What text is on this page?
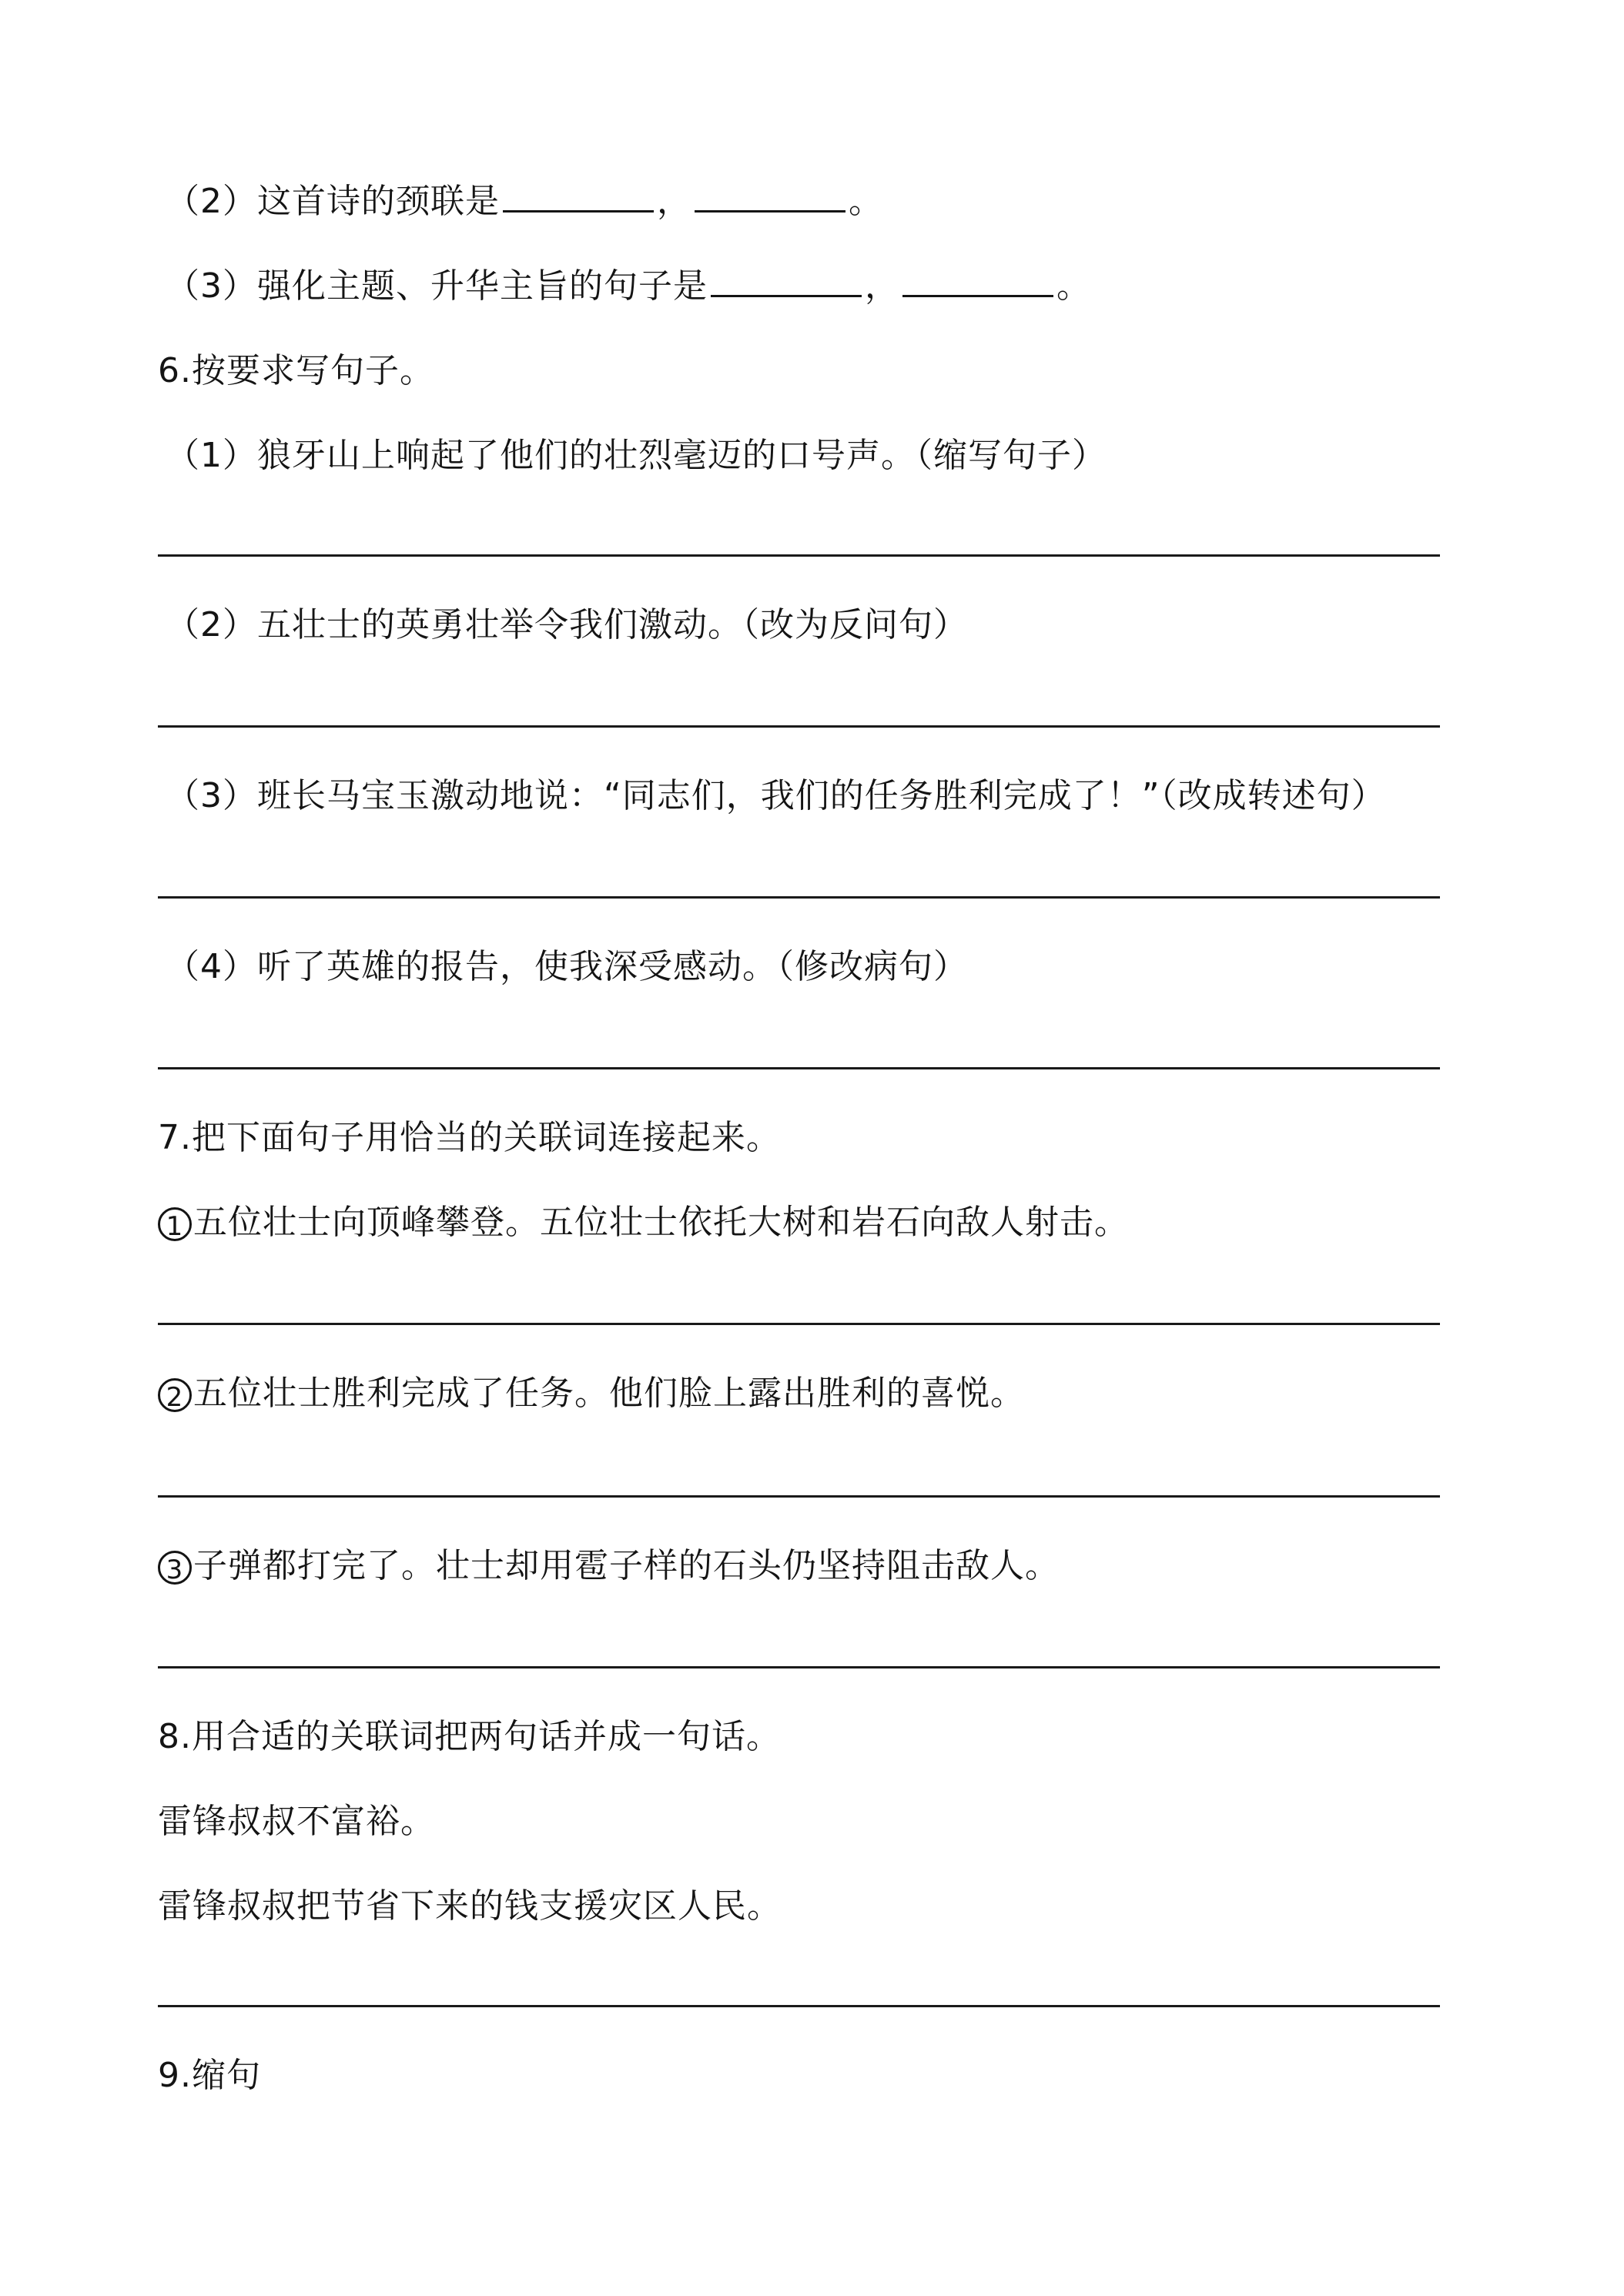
（2）这首诗的颈联是	，	。
（3）强化主题、升华主旨的句子是	，	。
6.按要求写句子。
（1）狼牙山上响起了他们的壮烈毫迈的口号声。（缩写句子）
（2）五壮士的英勇壮举令我们激动。（改为反问句）
（3）班长马宝玉激动地说：“同志们，我们的任务胜利完成了！”（改成转述句）
（4）听了英雄的报告，使我深受感动。（修改病句）
7.把下面句子用恰当的关联词连接起来。
1 五位壮士向顶峰攀登。五位壮士依托大树和岩石向敌人射击。
2 五位壮士胜利完成了任务。他们脸上露出胜利的喜悦。
3 子弹都打完了。壮士却用雹子样的石头仍坚持阻击敌人。
8.用合适的关联词把两句话并成一句话。
雷锋叔叔不富裕。
雷锋叔叔把节省下来的钱支援灾区人民。
9.缩句
